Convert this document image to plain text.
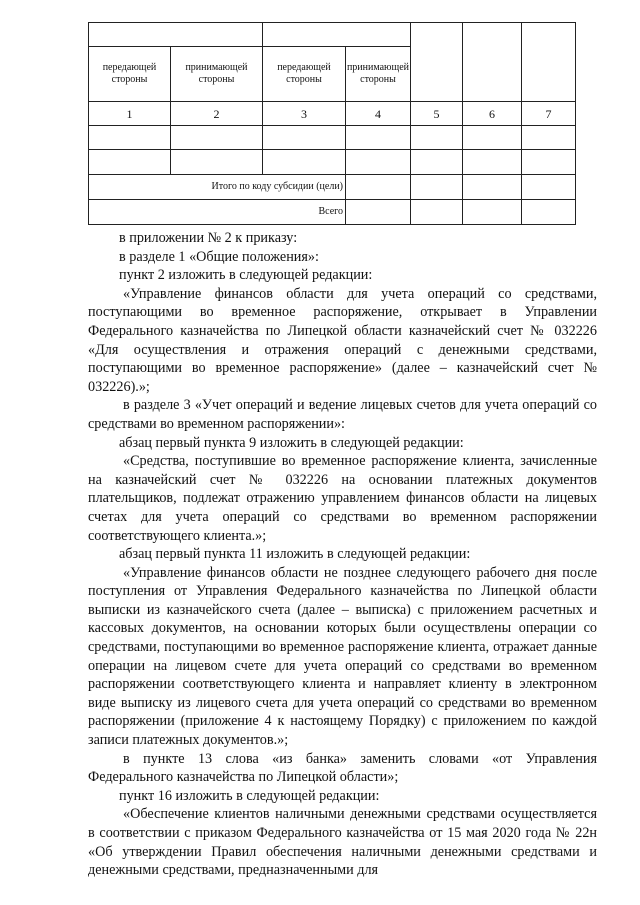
передающей стороны	принимающей стороны	передающей стороны	принимающей стороны			
1	2	3	4	5	6	7

Итого по коду субсидии (цели)						
Всего						

в приложении № 2 к приказу:

в разделе 1 «Общие положения»:

пункт 2 изложить в следующей редакции:

«Управление финансов области для учета операций со средствами, поступающими во временное распоряжение, открывает в Управлении Федерального казначейства по Липецкой области казначейский счет № 032226 «Для осуществления и отражения операций с денежными средствами, поступающими во временное распоряжение» (далее – казначейский счет № 032226).»;

в разделе 3 «Учет операций и ведение лицевых счетов для учета операций со средствами во временном распоряжении»:

абзац первый пункта 9 изложить в следующей редакции:

«Средства, поступившие во временное распоряжение клиента, зачисленные на казначейский счет № 032226 на основании платежных документов плательщиков, подлежат отражению управлением финансов области на лицевых счетах для учета операций со средствами во временном распоряжении соответствующего клиента.»;

абзац первый пункта 11 изложить в следующей редакции:

«Управление финансов области не позднее следующего рабочего дня после поступления от Управления Федерального казначейства по Липецкой области выписки из казначейского счета (далее – выписка) с приложением расчетных и кассовых документов, на основании которых были осуществлены операции со средствами, поступающими во временное распоряжение клиента, отражает данные операции на лицевом счете для учета операций со средствами во временном распоряжении соответствующего клиента и направляет клиенту в электронном виде выписку из лицевого счета для учета операций со средствами во временном распоряжении (приложение 4 к настоящему Порядку) с приложением по каждой записи платежных документов.»;

в пункте 13 слова «из банка» заменить словами «от Управления Федерального казначейства по Липецкой области»;

пункт 16 изложить в следующей редакции:

«Обеспечение клиентов наличными денежными средствами осуществляется в соответствии с приказом Федерального казначейства от 15 мая 2020 года № 22н «Об утверждении Правил обеспечения наличными денежными средствами и денежными средствами, предназначенными для
